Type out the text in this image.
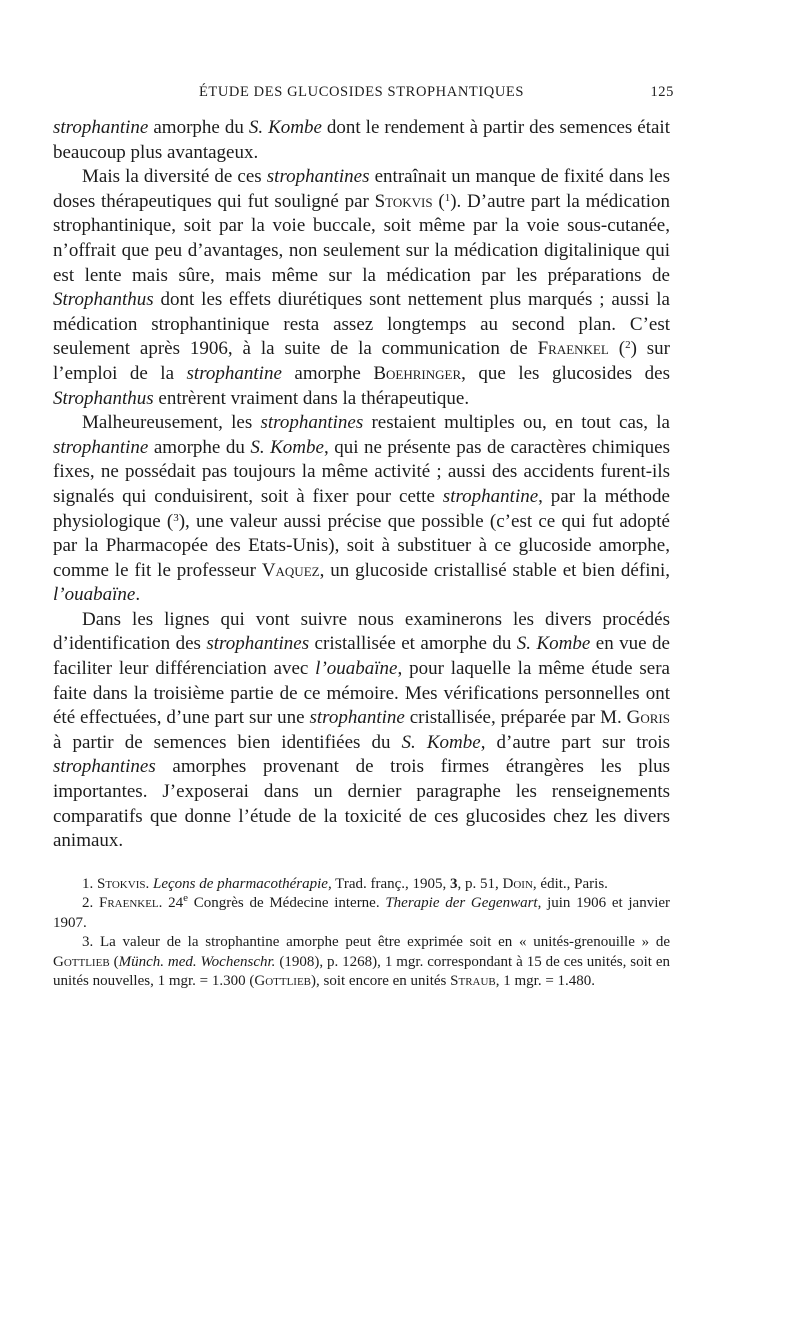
ÉTUDE DES GLUCOSIDES STROPHANTIQUES	125

strophantine amorphe du S. Kombe dont le rendement à partir des semences était beaucoup plus avantageux.

Mais la diversité de ces strophantines entraînait un manque de fixité dans les doses thérapeutiques qui fut souligné par Stokvis ($^1$). D’autre part la médication strophantinique, soit par la voie buccale, soit même par la voie sous-cutanée, n’offrait que peu d’avantages, non seulement sur la médication digitalinique qui est lente mais sûre, mais même sur la médication par les préparations de Strophanthus dont les effets diurétiques sont nettement plus marqués ; aussi la médication strophantinique resta assez longtemps au second plan. C’est seulement après 1906, à la suite de la communication de Fraenkel ($^2$) sur l’emploi de la strophantine amorphe Boehringer, que les glucosides des Strophanthus entrèrent vraiment dans la thérapeutique.

Malheureusement, les strophantines restaient multiples ou, en tout cas, la strophantine amorphe du S. Kombe, qui ne présente pas de caractères chimiques fixes, ne possédait pas toujours la même activité ; aussi des accidents furent-ils signalés qui conduisirent, soit à fixer pour cette strophantine, par la méthode physiologique ($^3$), une valeur aussi précise que possible (c’est ce qui fut adopté par la Pharmacopée des Etats-Unis), soit à substituer à ce glucoside amorphe, comme le fit le professeur Vaquez, un glucoside cristallisé stable et bien défini, l’ouabaïne.

Dans les lignes qui vont suivre nous examinerons les divers procédés d’identification des strophantines cristallisée et amorphe du S. Kombe en vue de faciliter leur différenciation avec l’ouabaïne, pour laquelle la même étude sera faite dans la troisième partie de ce mémoire. Mes vérifications personnelles ont été effectuées, d’une part sur une strophantine cristallisée, préparée par M. Goris à partir de semences bien identifiées du S. Kombe, d’autre part sur trois strophantines amorphes provenant de trois firmes étrangères les plus importantes. J’exposerai dans un dernier paragraphe les renseignements comparatifs que donne l’étude de la toxicité de ces glucosides chez les divers animaux.

1. Stokvis. Leçons de pharmacothérapie, Trad. franç., 1905, 3, p. 51, Doin, édit., Paris.

2. Fraenkel. 24e Congrès de Médecine interne. Therapie der Gegenwart, juin 1906 et janvier 1907.

3. La valeur de la strophantine amorphe peut être exprimée soit en « unités-grenouille » de Gottlieb (Münch. med. Wochenschr. (1908), p. 1268), 1 mgr. correspondant à 15 de ces unités, soit en unités nouvelles, 1 mgr. = 1.300 (Gottlieb), soit encore en unités Straub, 1 mgr. = 1.480.
